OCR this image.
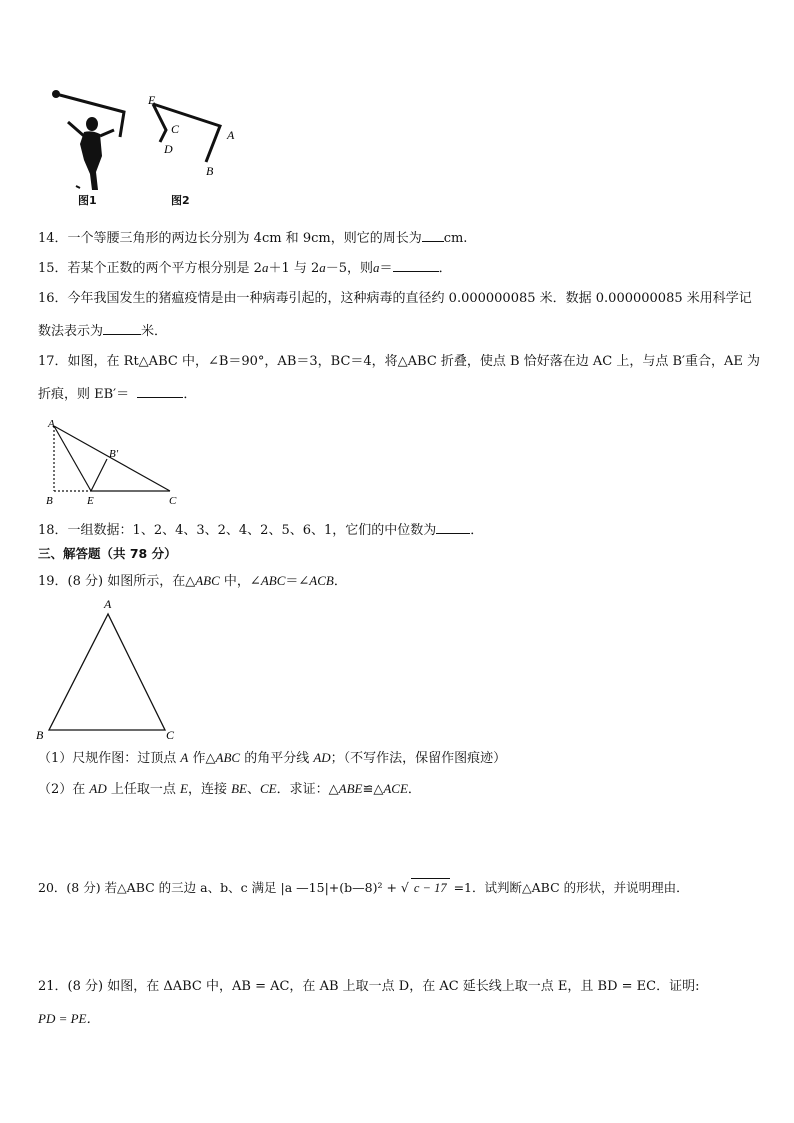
E
C	A
D
B
图1	图2
14．一个等腰三角形的两边长分别为 4cm 和 9cm，则它的周长为 cm.
15．若某个正数的两个平方根分别是 2a＋1 与 2a－5，则a＝	．
16．今年我国发生的猪瘟疫情是由一种病毒引起的，这种病毒的直径约 0.000000085 米．数据 0.000000085 米用科学记
数法表示为	米．
17．如图，在 Rt△ABC 中，∠B＝90°，AB＝3，BC＝4，将△ABC 折叠，使点 B 恰好落在边 AC 上，与点 B′重合，AE 为
折痕，则 EB′＝	．
A
B′
B	E	C
18．一组数据：1、2、4、3、2、4、2、5、6、1，它们的中位数为	．
三、解答题（共 78 分）
19．(8 分) 如图所示，在△ABC 中，∠ABC＝∠ACB．
A
B	C
（1）尺规作图：过顶点 A 作△ABC 的角平分线 AD；（不写作法，保留作图痕迹）
（2）在 AD 上任取一点 E，连接 BE、CE．求证：△ABE≌△ACE．
20．(8 分) 若△ABC 的三边 a、b、c 满足 |a —15|+(b—8)² + √ c − 17 =1．试判断△ABC 的形状，并说明理由．
21．(8 分) 如图，在 ΔABC 中，AB = AC，在 AB 上取一点 D，在 AC 延长线上取一点 E，且 BD = EC．证明:
PD = PE．
